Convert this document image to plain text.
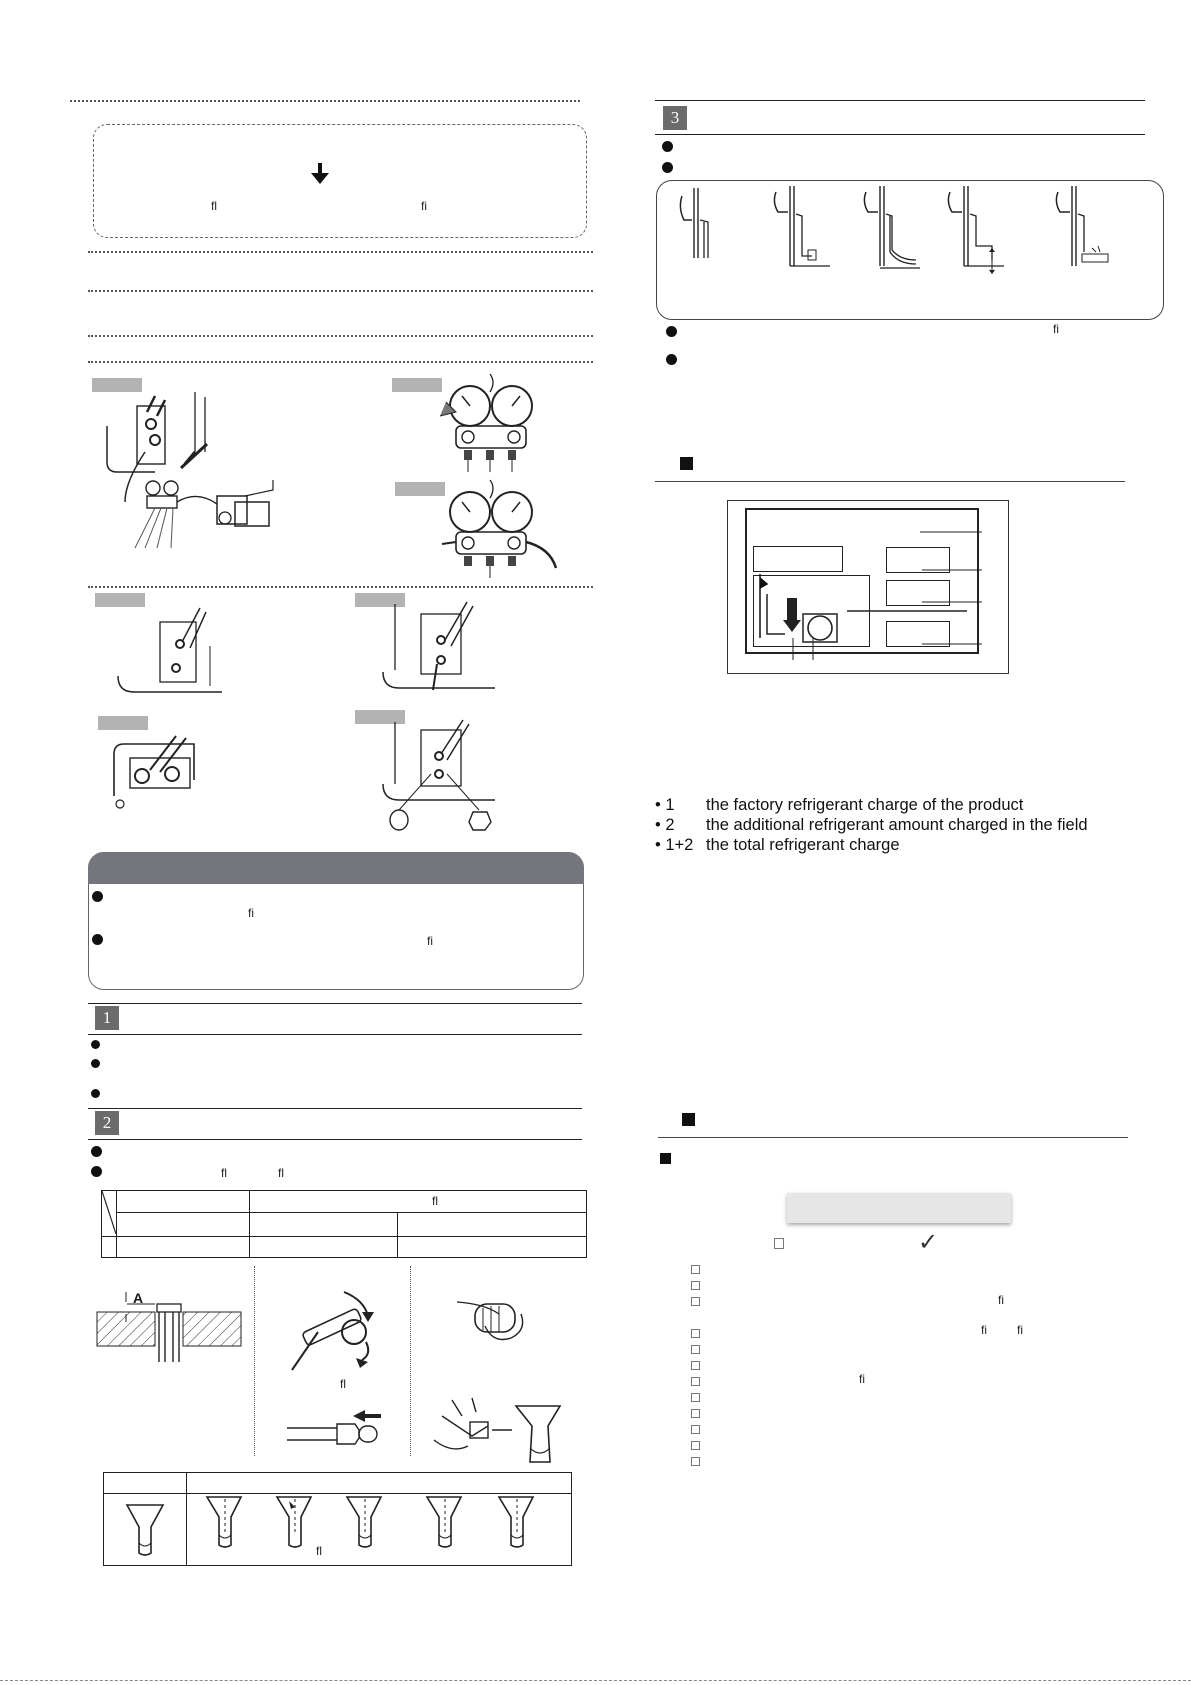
ﬂ	ﬁ
ﬁ
ﬁ
1
2
ﬂ	ﬂ
ﬂ
A
ﬂ
ﬂ
3
ﬁ
• 1 the factory refrigerant charge of the product
• 2 the additional refrigerant amount charged in the field
• 1+2 the total refrigerant charge
✓
ﬁ
ﬁ	ﬁ
ﬁ
